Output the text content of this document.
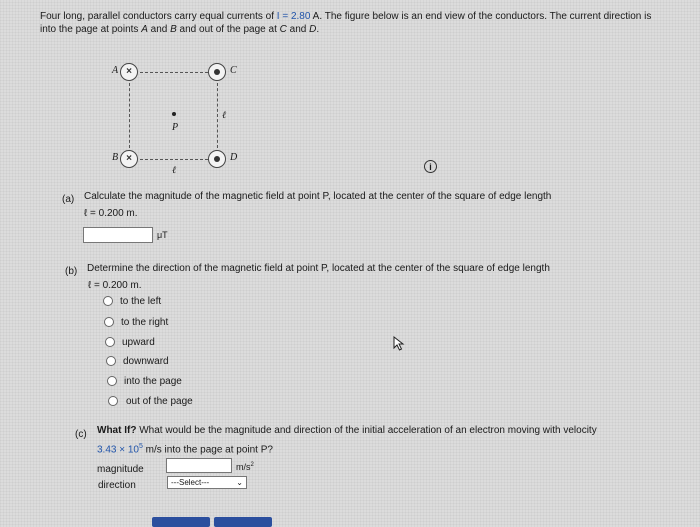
Four long, parallel conductors carry equal currents of I = 2.80 A. The figure below is an end view of the conductors. The current direction is into the page at points A and B and out of the page at C and D.
A ×	C
ℓ
P
B ×	D
ℓ	i
(a) Calculate the magnitude of the magnetic field at point P, located at the center of the square of edge length
ℓ = 0.200 m.
μT
(b) Determine the direction of the magnetic field at point P, located at the center of the square of edge length
ℓ = 0.200 m.
to the left
to the right
upward
downward
into the page
out of the page
(c) What If? What would be the magnitude and direction of the initial acceleration of an electron moving with velocity
$3.43 \times 10^5$ m/s into the page at point P?
magnitude	$m/s^2$
direction	---Select---	⌄
